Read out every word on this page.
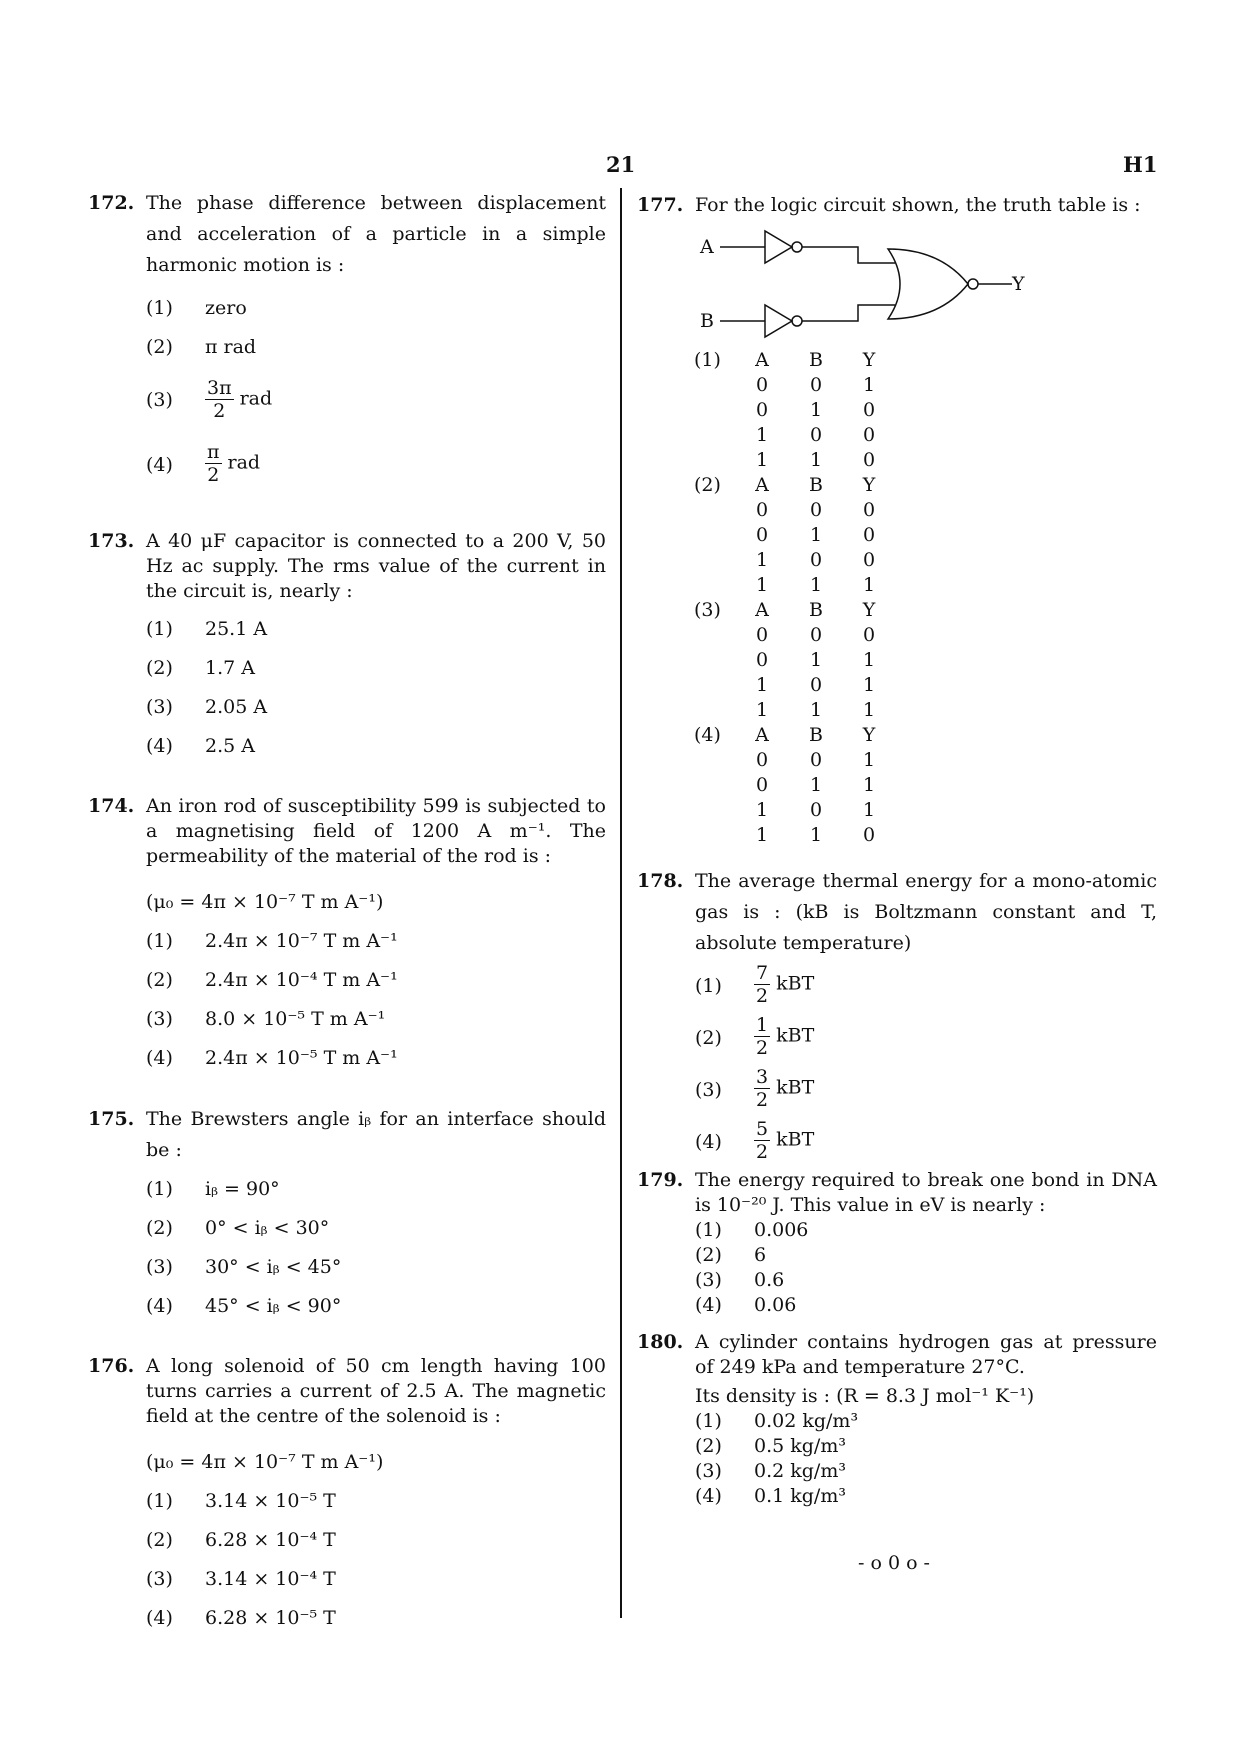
21	H1
172. The phase difference between displacement and acceleration of a particle in a simple harmonic motion is :
(1) zero
(2) π rad
$(3) \frac{3\pi}{2}$ rad
$(4) \frac{\pi}{2}$ rad
173. A 40 μF capacitor is connected to a 200 V, 50 Hz ac supply. The rms value of the current in the circuit is, nearly :
(1) 25.1 A
(2) 1.7 A
(3) 2.05 A
(4) 2.5 A
174. An iron rod of susceptibility 599 is subjected to a magnetising field of 1200 A m⁻¹. The permeability of the material of the rod is :
(μ₀ = 4π × 10⁻⁷ T m A⁻¹)
(1) 2.4π × 10⁻⁷ T m A⁻¹
(2) 2.4π × 10⁻⁴ T m A⁻¹
(3) 8.0 × 10⁻⁵ T m A⁻¹
(4) 2.4π × 10⁻⁵ T m A⁻¹
175. The Brewsters angle iᵦ for an interface should be :
(1) iᵦ = 90°
(2) 0° < iᵦ < 30°
(3) 30° < iᵦ < 45°
(4) 45° < iᵦ < 90°
176. A long solenoid of 50 cm length having 100 turns carries a current of 2.5 A. The magnetic field at the centre of the solenoid is :
(μ₀ = 4π × 10⁻⁷ T m A⁻¹)
(1) 3.14 × 10⁻⁵ T
(2) 6.28 × 10⁻⁴ T
(3) 3.14 × 10⁻⁴ T
(4) 6.28 × 10⁻⁵ T
177. For the logic circuit shown, the truth table is :
A
B
Y
(1) A B Y
0 0 1
0 1 0
1 0 0
1 1 0
(2) A B Y
0 0 0
0 1 0
1 0 0
1 1 1
(3) A B Y
0 0 0
0 1 1
1 0 1
1 1 1
(4) A B Y
0 0 1
0 1 1
1 0 1
1 1 0
178. The average thermal energy for a mono-atomic gas is : (kB is Boltzmann constant and T, absolute temperature)
$(1) \frac{7}{2}$ kBT
$(2) \frac{1}{2}$ kBT
$(3) \frac{3}{2}$ kBT
$(4) \frac{5}{2}$ kBT
179. The energy required to break one bond in DNA is 10⁻²⁰ J. This value in eV is nearly :
(1) 0.006
(2) 6
(3) 0.6
(4) 0.06
180. A cylinder contains hydrogen gas at pressure of 249 kPa and temperature 27°C.
Its density is : (R = 8.3 J mol⁻¹ K⁻¹)
(1) 0.02 kg/m³
(2) 0.5 kg/m³
(3) 0.2 kg/m³
(4) 0.1 kg/m³
- o 0 o -
